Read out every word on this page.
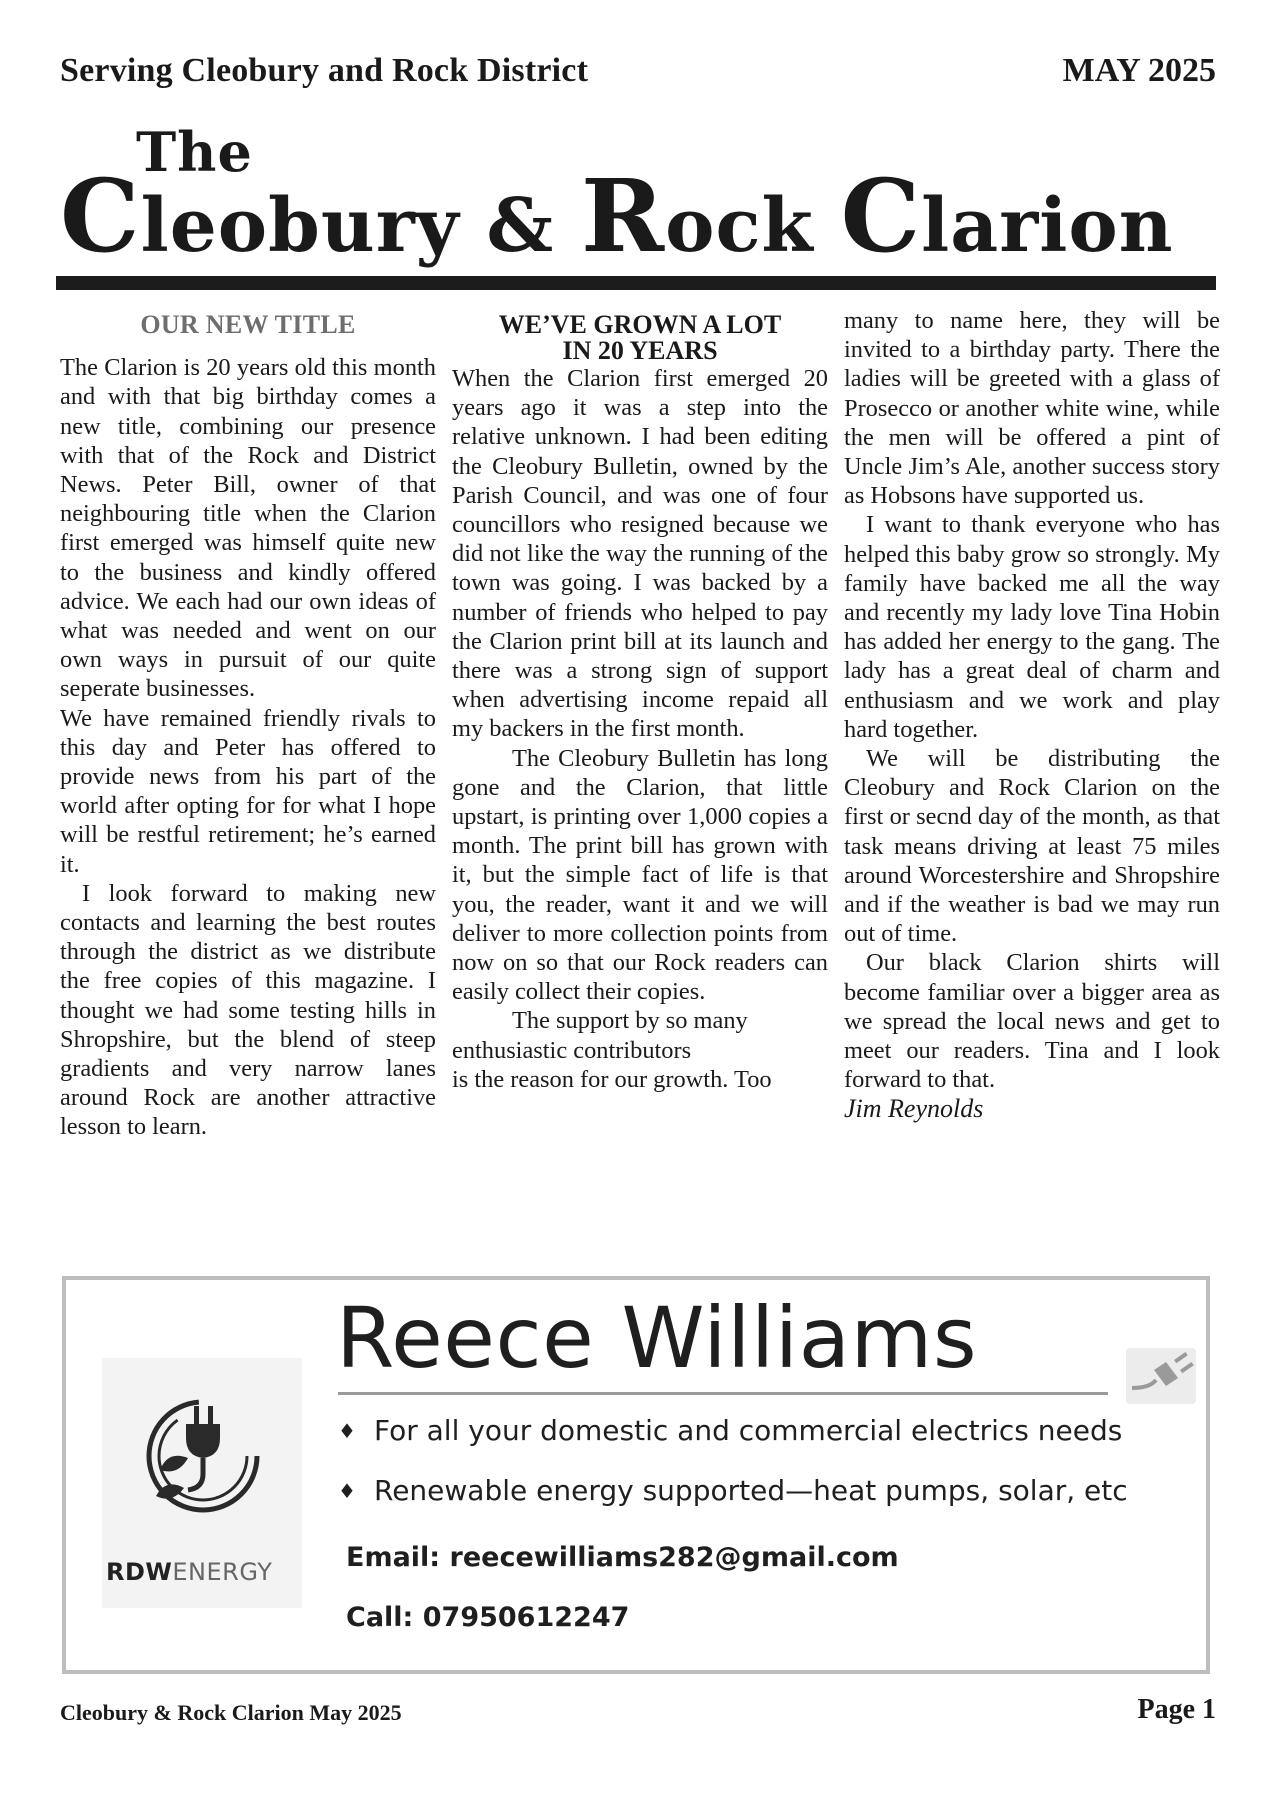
Serving Cleobury and Rock District	MAY 2025
The
Cleobury & Rock Clarion
OUR NEW TITLE

The Clarion is 20 years old this month and with that big birthday comes a new title, combining our presence with that of the Rock and District News. Peter Bill, owner of that neighbouring title when the Clarion first emerged was himself quite new to the business and kindly offered advice. We each had our own ideas of what was needed and went on our own ways in pursuit of our quite seperate businesses.

We have remained friendly rivals to this day and Peter has offered to provide news from his part of the world after opting for for what I hope will be restful retirement; he’s earned it.

I look forward to making new contacts and learning the best routes through the district as we distribute the free copies of this magazine. I thought we had some testing hills in Shropshire, but the blend of steep gradients and very narrow lanes around Rock are another attractive lesson to learn.

WE’VE GROWN A LOT
IN 20 YEARS

When the Clarion first emerged 20 years ago it was a step into the relative unknown. I had been editing the Cleobury Bulletin, owned by the Parish Council, and was one of four councillors who resigned because we did not like the way the running of the town was going. I was backed by a number of friends who helped to pay the Clarion print bill at its launch and there was a strong sign of support when advertising income repaid all my backers in the first month.

The Cleobury Bulletin has long gone and the Clarion, that little upstart, is printing over 1,000 copies a month. The print bill has grown with it, but the simple fact of life is that you, the reader, want it and we will deliver to more collection points from now on so that our Rock readers can easily collect their copies.

The support by so many enthusiastic contributors

is the reason for our growth. Too

many to name here, they will be invited to a birthday party. There the ladies will be greeted with a glass of Prosecco or another white wine, while the men will be offered a pint of Uncle Jim’s Ale, another success story as Hobsons have supported us.

I want to thank everyone who has helped this baby grow so strongly. My family have backed me all the way and recently my lady love Tina Hobin has added her energy to the gang. The lady has a great deal of charm and enthusiasm and we work and play hard together.

We will be distributing the Cleobury and Rock Clarion on the first or secnd day of the month, as that task means driving at least 75 miles around Worcestershire and Shropshire and if the weather is bad we may run out of time.

Our black Clarion shirts will become familiar over a bigger area as we spread the local news and get to meet our readers. Tina and I look forward to that.

Jim Reynolds
RDWENERGY
Reece Williams
♦ For all your domestic and commercial electrics needs
♦ Renewable energy supported—heat pumps, solar, etc
Email: reecewilliams282@gmail.com
Call: 07950612247
Cleobury & Rock Clarion May 2025	Page 1
